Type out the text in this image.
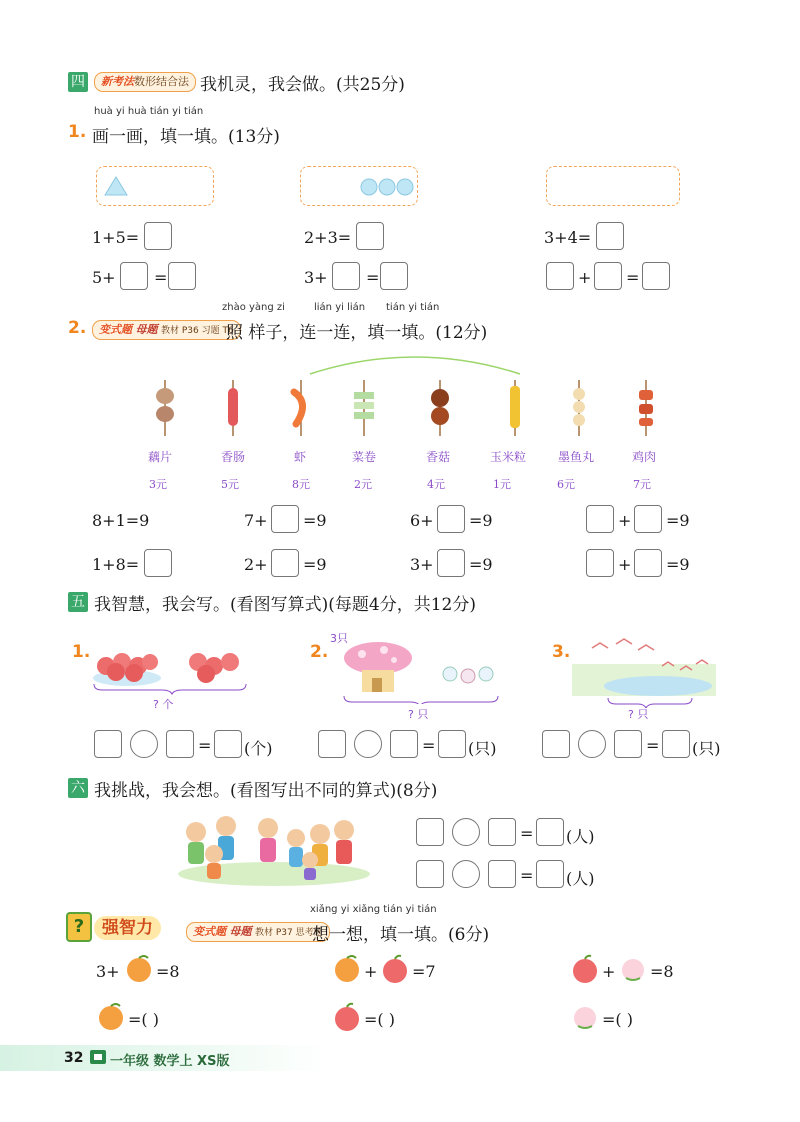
四	新考法数形结合法 我机灵，我会做。(共25分)
huà yi huà tián yi tián
1. 画一画，填一填。(13分)
1+5=	2+3=	3+4=
5+ =	3+ =	+ =
zhào yàng zi	lián yi lián tián yi tián
2.	变式题 母题 教材 P36 习题 T6
照 样子，连一连，填一填。(12分)
藕片	香肠	虾	菜卷	香菇	玉米粒	墨鱼丸	鸡肉
3元	5元	8元	2元	4元	1元	6元	7元
8+1=9	7+ =9	6+ =9	+ =9
1+8=	2+ =9	3+ =9	+ =9
五 我智慧，我会写。(看图写算式)(每题4分，共12分)
1.
? 个
2.
3只
? 只
3.
? 只
= (个)	= (只)	= (只)
六 我挑战，我会想。(看图写出不同的算式)(8分)
= (人)
= (人)
?	强智力	变式题 母题 教材 P37 思考题
xiǎng yi xiǎng tián yi tián
想一想，填一填。(6分)
3+ =8	+ =7	+ =8
=( )	=( )	=( )
32 一年级 数学上 XS版
